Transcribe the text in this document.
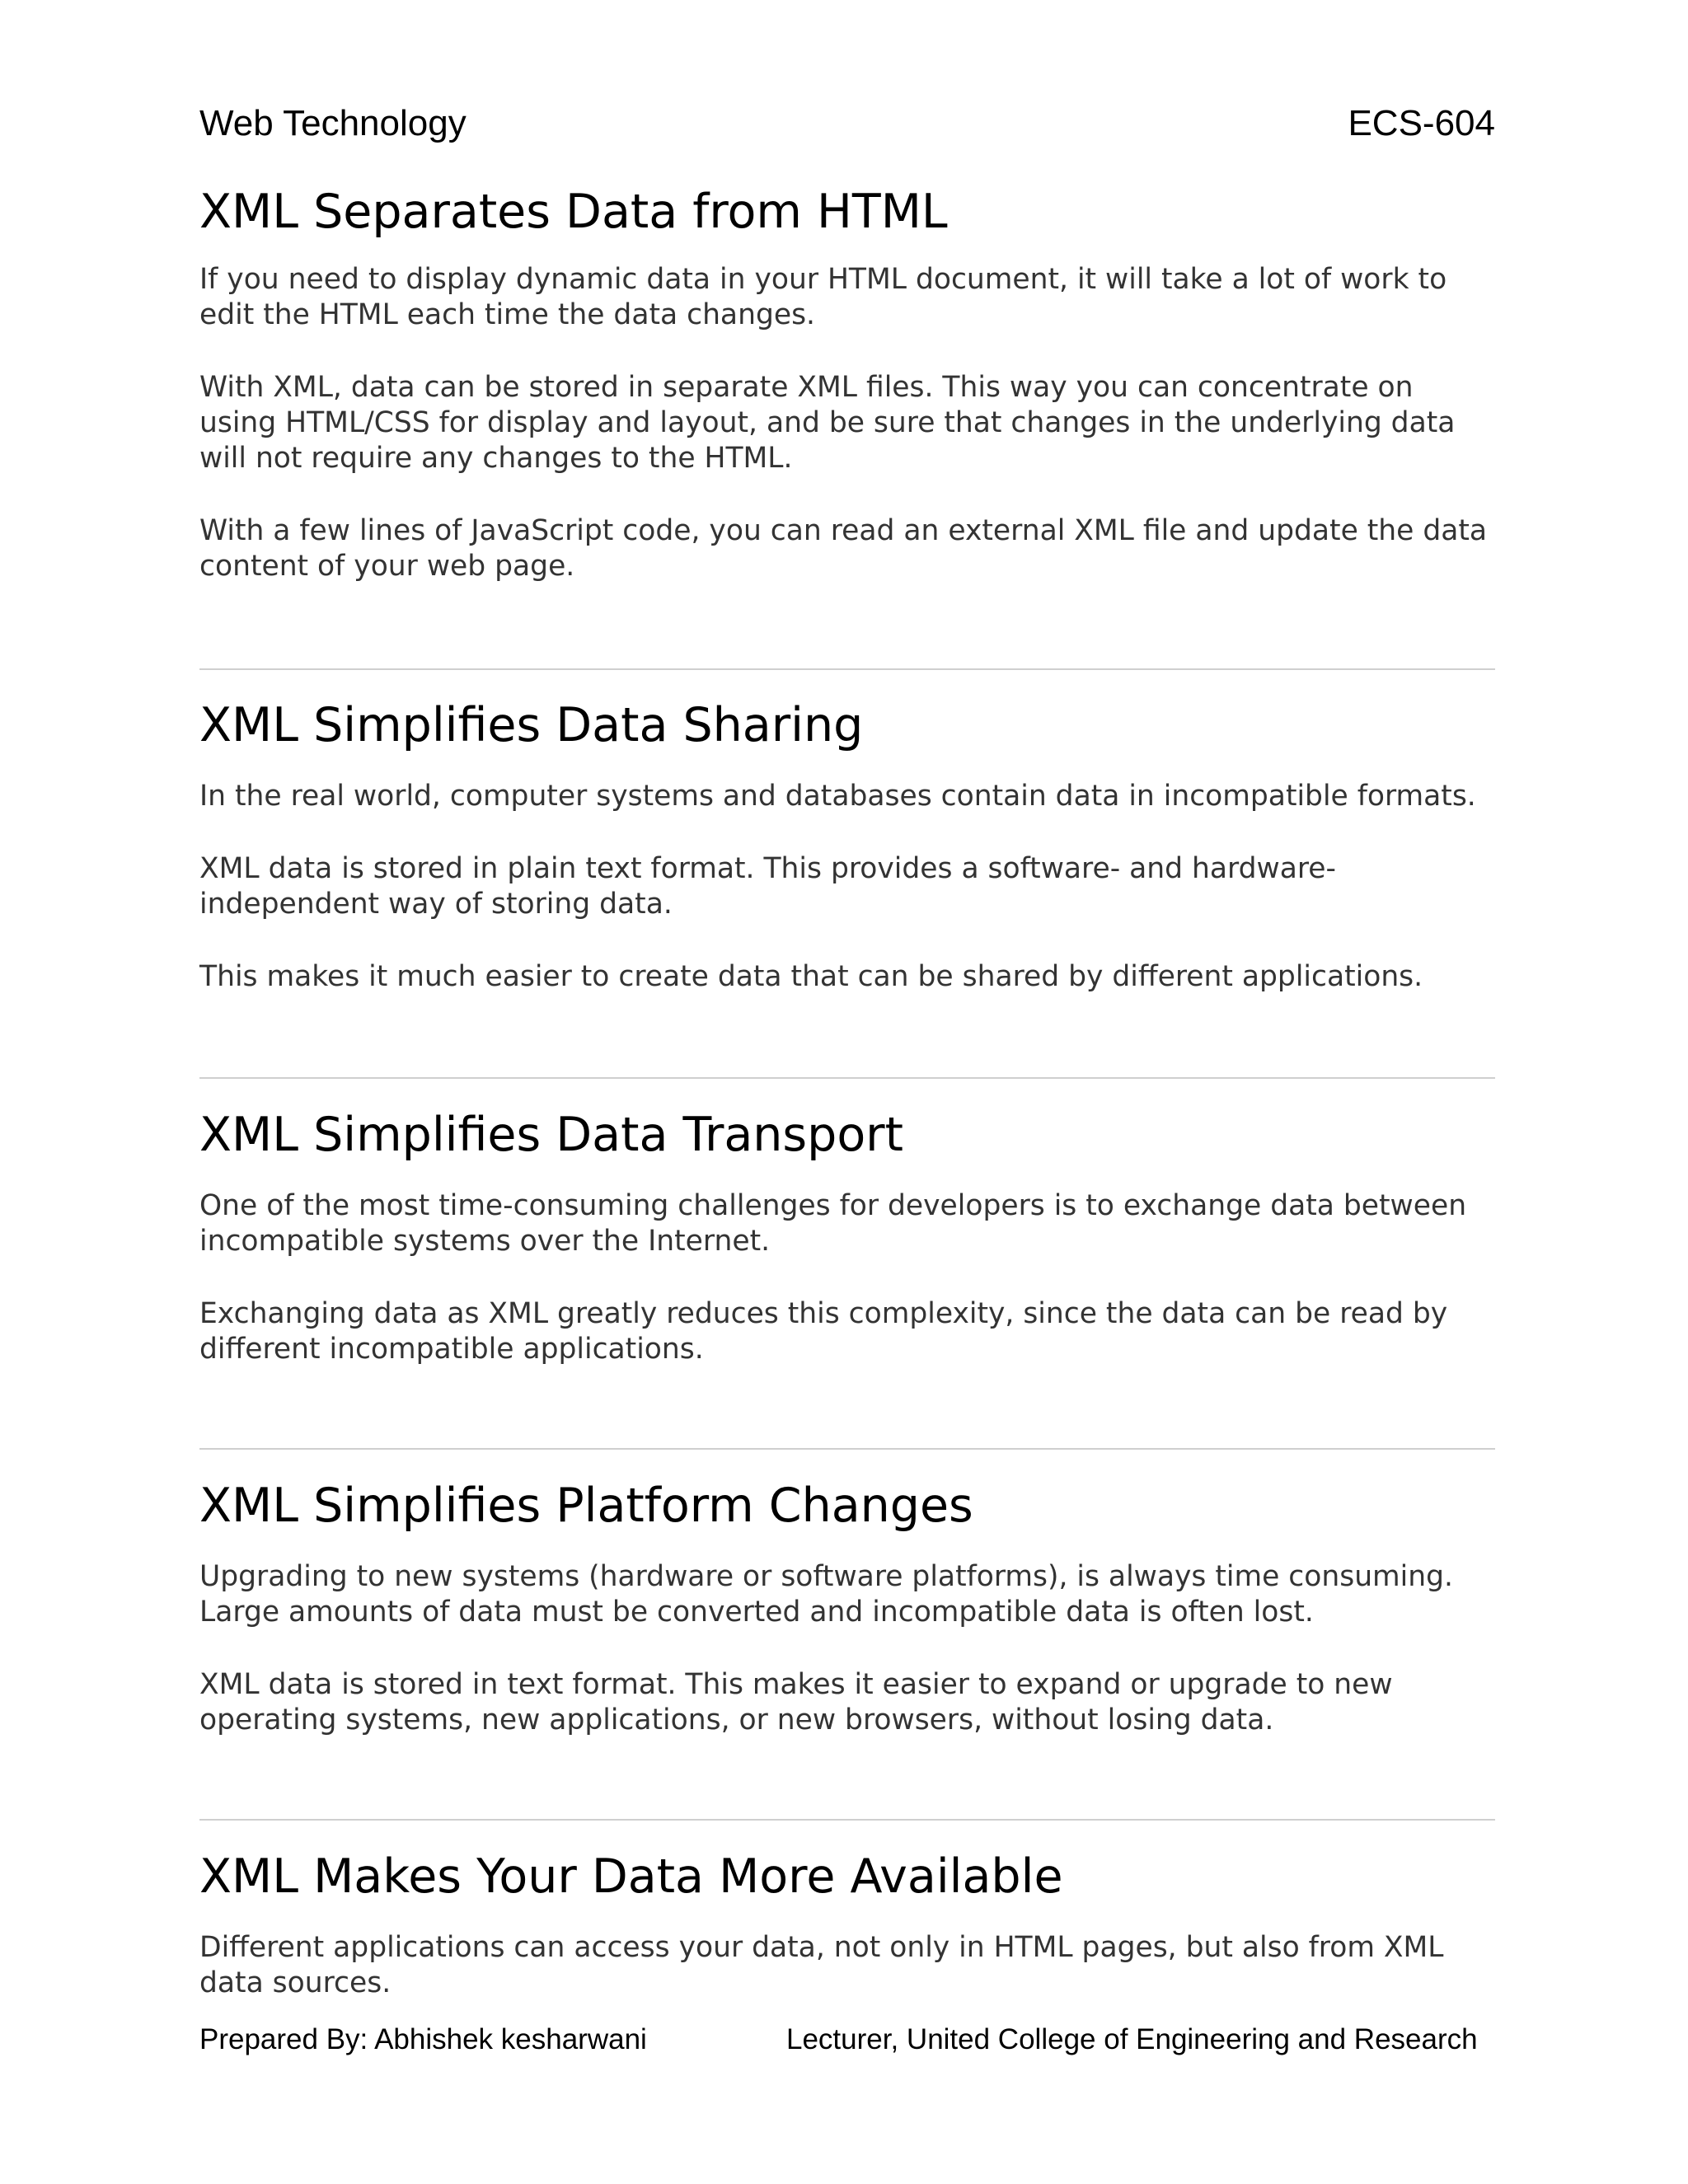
Web Technology	ECS-604
XML Separates Data from HTML

If you need to display dynamic data in your HTML document, it will take a lot of work to edit the HTML each time the data changes.

With XML, data can be stored in separate XML files. This way you can concentrate on using HTML/CSS for display and layout, and be sure that changes in the underlying data will not require any changes to the HTML.

With a few lines of JavaScript code, you can read an external XML file and update the data content of your web page.

XML Simplifies Data Sharing

In the real world, computer systems and databases contain data in incompatible formats.

XML data is stored in plain text format. This provides a software- and hardware-independent way of storing data.

This makes it much easier to create data that can be shared by different applications.

XML Simplifies Data Transport

One of the most time-consuming challenges for developers is to exchange data between incompatible systems over the Internet.

Exchanging data as XML greatly reduces this complexity, since the data can be read by different incompatible applications.

XML Simplifies Platform Changes

Upgrading to new systems (hardware or software platforms), is always time consuming. Large amounts of data must be converted and incompatible data is often lost.

XML data is stored in text format. This makes it easier to expand or upgrade to new operating systems, new applications, or new browsers, without losing data.

XML Makes Your Data More Available

Different applications can access your data, not only in HTML pages, but also from XML data sources.

Prepared By: Abhishek kesharwani	Lecturer, United College of Engineering and Research
